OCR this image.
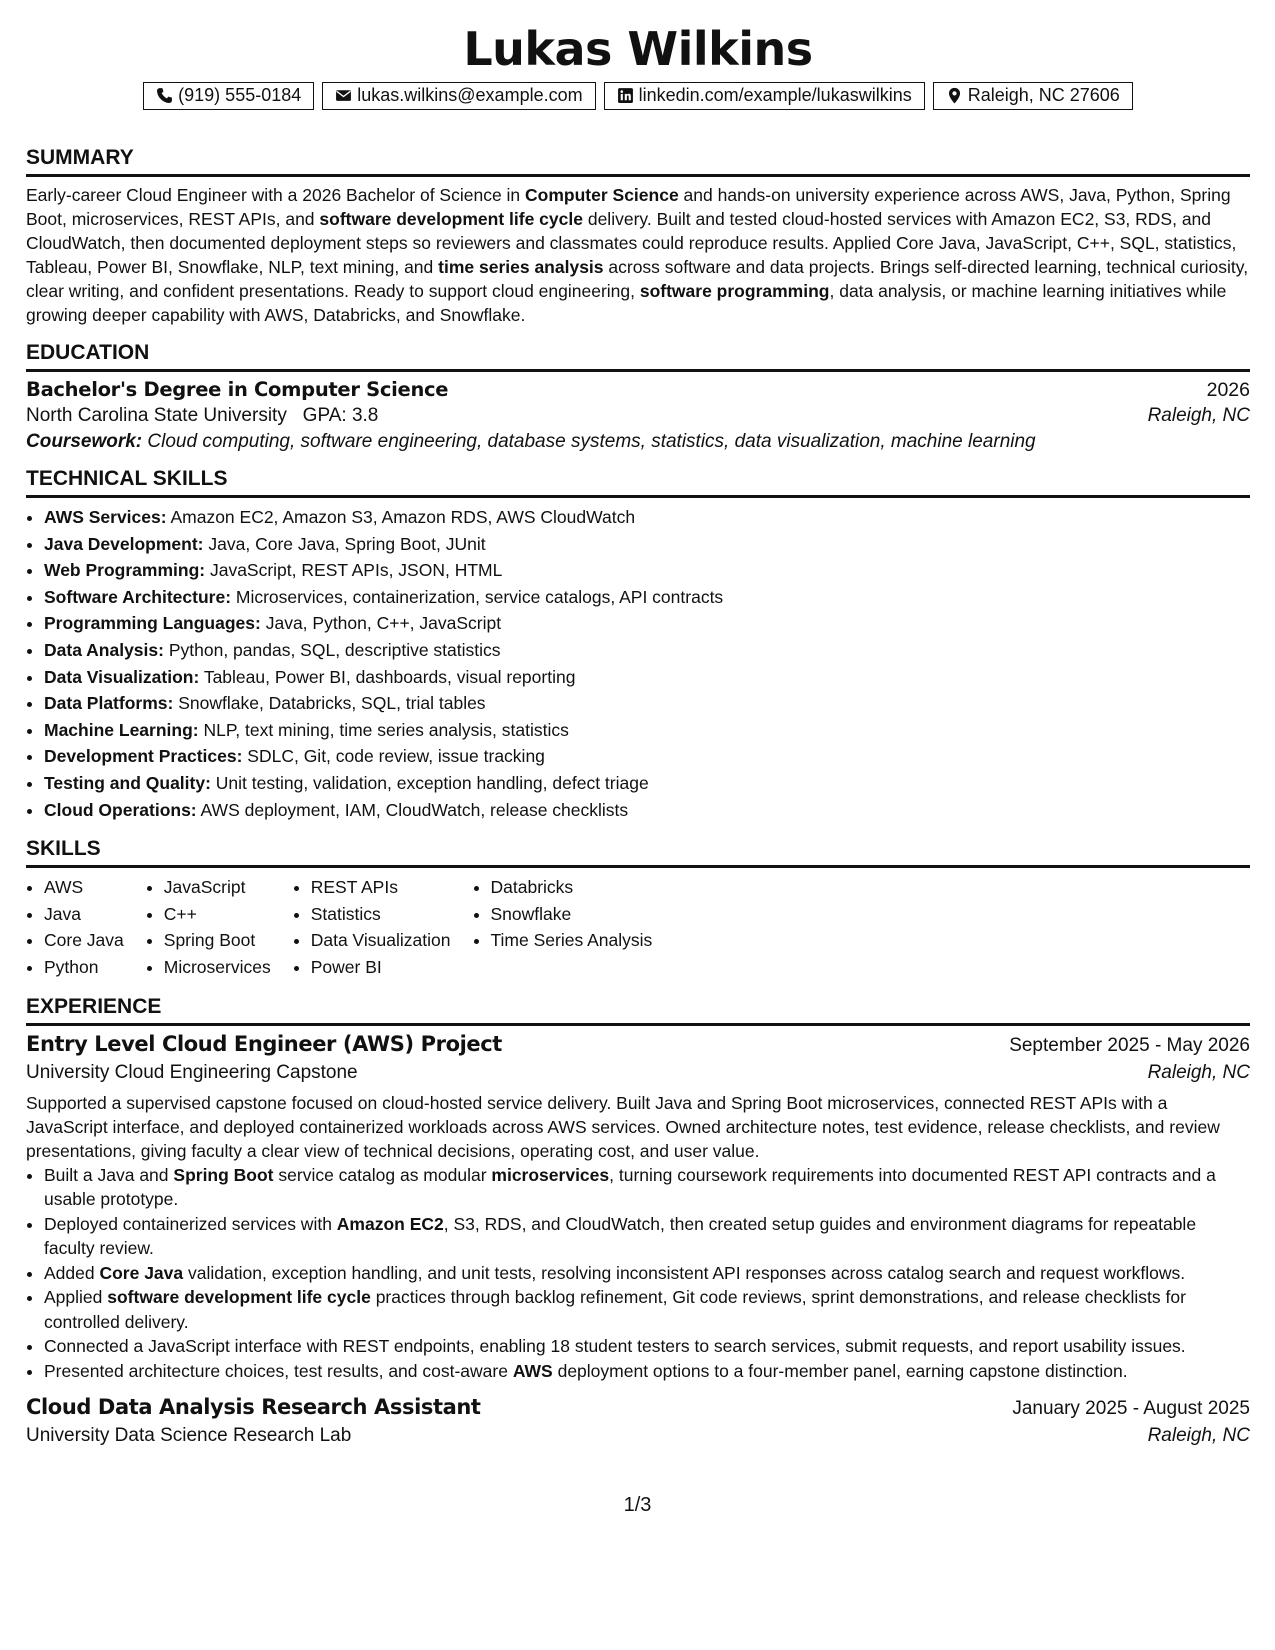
Lukas Wilkins
(919) 555-0184	lukas.wilkins@example.com	linkedin.com/example/lukaswilkins	Raleigh, NC 27606
SUMMARY

Early-career Cloud Engineer with a 2026 Bachelor of Science in Computer Science and hands-on university experience across AWS, Java, Python, Spring Boot, microservices, REST APIs, and software development life cycle delivery. Built and tested cloud-hosted services with Amazon EC2, S3, RDS, and CloudWatch, then documented deployment steps so reviewers and classmates could reproduce results. Applied Core Java, JavaScript, C++, SQL, statistics, Tableau, Power BI, Snowflake, NLP, text mining, and time series analysis across software and data projects. Brings self-directed learning, technical curiosity, clear writing, and confident presentations. Ready to support cloud engineering, software programming, data analysis, or machine learning initiatives while growing deeper capability with AWS, Databricks, and Snowflake.

EDUCATION
Bachelor's Degree in Computer Science	2026
North Carolina State University GPA: 3.8	Raleigh, NC
Coursework: Cloud computing, software engineering, database systems, statistics, data visualization, machine learning
TECHNICAL SKILLS
• AWS Services: Amazon EC2, Amazon S3, Amazon RDS, AWS CloudWatch
• Java Development: Java, Core Java, Spring Boot, JUnit
• Web Programming: JavaScript, REST APIs, JSON, HTML
• Software Architecture: Microservices, containerization, service catalogs, API contracts
• Programming Languages: Java, Python, C++, JavaScript
• Data Analysis: Python, pandas, SQL, descriptive statistics
• Data Visualization: Tableau, Power BI, dashboards, visual reporting
• Data Platforms: Snowflake, Databricks, SQL, trial tables
• Machine Learning: NLP, text mining, time series analysis, statistics
• Development Practices: SDLC, Git, code review, issue tracking
• Testing and Quality: Unit testing, validation, exception handling, defect triage
• Cloud Operations: AWS deployment, IAM, CloudWatch, release checklists
SKILLS
• AWS
• Java
• Core Java
• Python
• JavaScript
• C++
• Spring Boot
• Microservices
• REST APIs
• Statistics
• Data Visualization
• Power BI
• Databricks
• Snowflake
• Time Series Analysis
EXPERIENCE
Entry Level Cloud Engineer (AWS) Project	September 2025 - May 2026
University Cloud Engineering Capstone	Raleigh, NC

Supported a supervised capstone focused on cloud-hosted service delivery. Built Java and Spring Boot microservices, connected REST APIs with a JavaScript interface, and deployed containerized workloads across AWS services. Owned architecture notes, test evidence, release checklists, and review presentations, giving faculty a clear view of technical decisions, operating cost, and user value.

• Built a Java and Spring Boot service catalog as modular microservices, turning coursework requirements into documented REST API contracts and a usable prototype.
• Deployed containerized services with Amazon EC2, S3, RDS, and CloudWatch, then created setup guides and environment diagrams for repeatable faculty review.
• Added Core Java validation, exception handling, and unit tests, resolving inconsistent API responses across catalog search and request workflows.
• Applied software development life cycle practices through backlog refinement, Git code reviews, sprint demonstrations, and release checklists for controlled delivery.
• Connected a JavaScript interface with REST endpoints, enabling 18 student testers to search services, submit requests, and report usability issues.
• Presented architecture choices, test results, and cost-aware AWS deployment options to a four-member panel, earning capstone distinction.
Cloud Data Analysis Research Assistant	January 2025 - August 2025
University Data Science Research Lab	Raleigh, NC
1/3
